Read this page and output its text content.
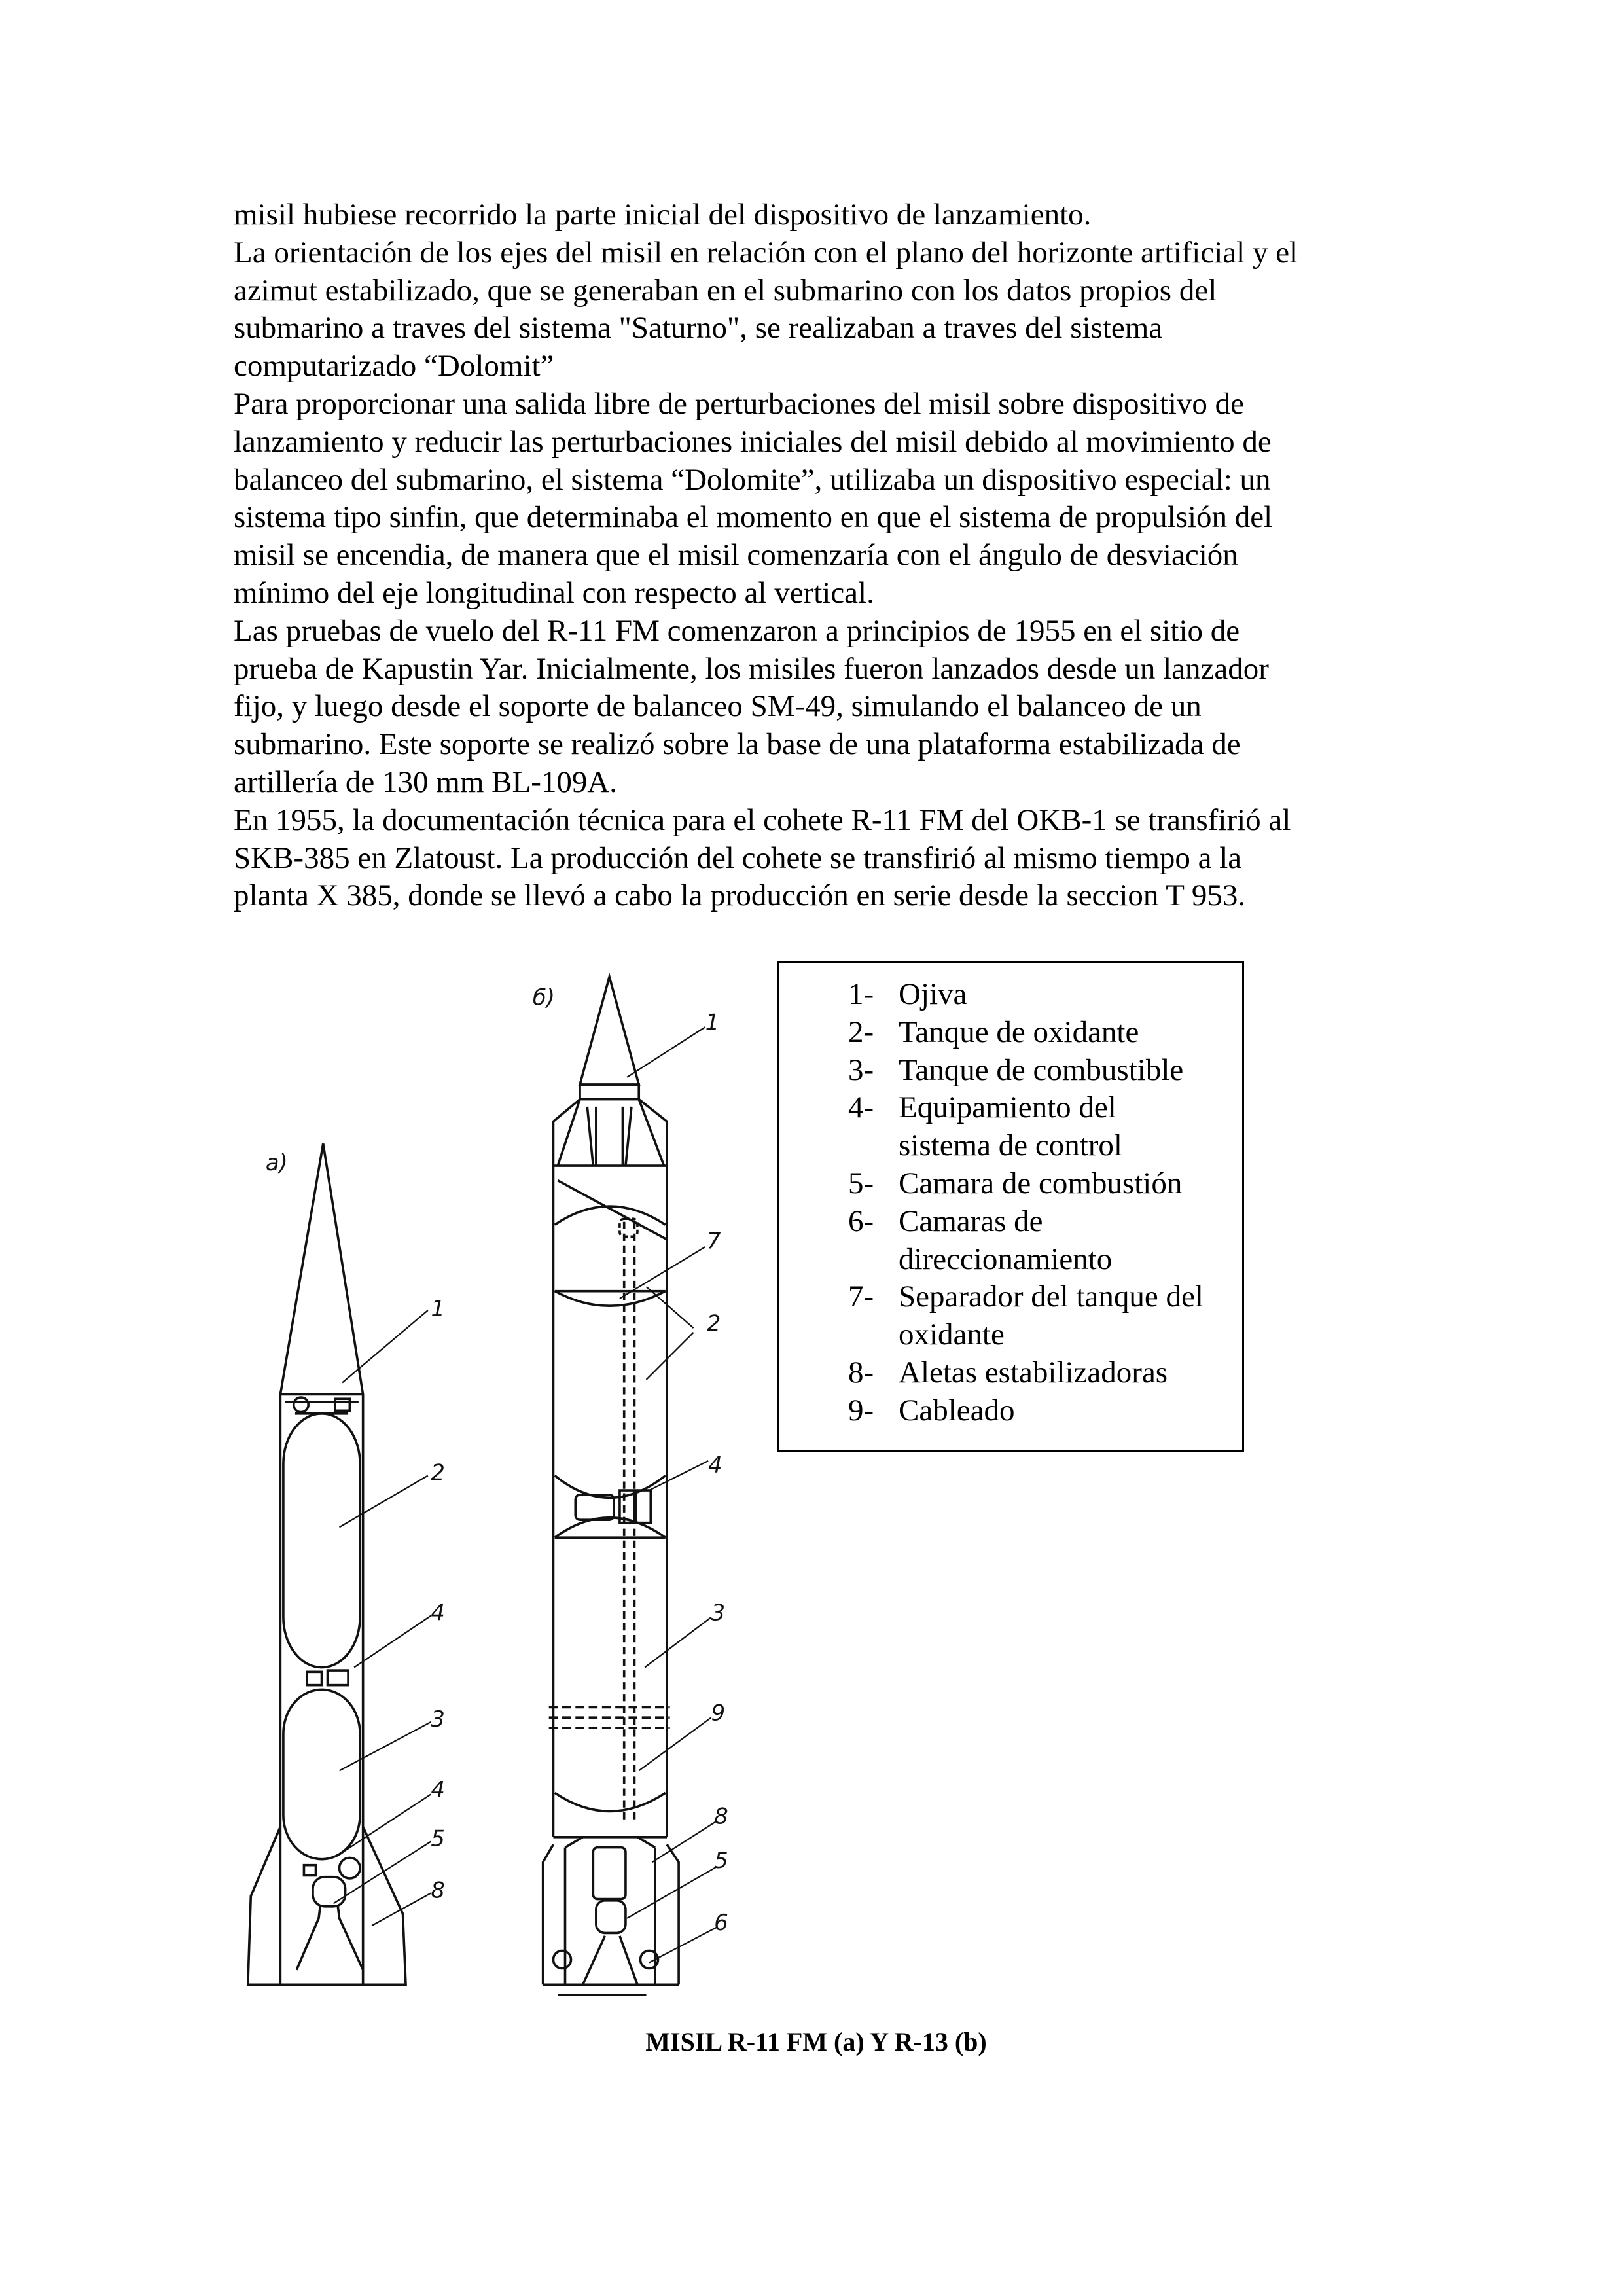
misil hubiese recorrido la parte inicial del dispositivo de lanzamiento.
La orientación de los ejes del misil en relación con el plano del horizonte artificial y el
azimut estabilizado, que se generaban en el submarino con los datos propios del
submarino a traves del sistema "Saturno", se realizaban a traves del sistema
computarizado “Dolomit”
Para proporcionar una salida libre de perturbaciones del misil sobre dispositivo de
lanzamiento y reducir las perturbaciones iniciales del misil debido al movimiento de
balanceo del submarino, el sistema “Dolomite”, utilizaba un dispositivo especial: un
sistema tipo sinfin, que determinaba el momento en que el sistema de propulsión del
misil se encendia, de manera que el misil comenzaría con el ángulo de desviación
mínimo del eje longitudinal con respecto al vertical.
Las pruebas de vuelo del R-11 FM comenzaron a principios de 1955 en el sitio de
prueba de Kapustin Yar. Inicialmente, los misiles fueron lanzados desde un lanzador
fijo, y luego desde el soporte de balanceo SM-49, simulando el balanceo de un
submarino. Este soporte se realizó sobre la base de una plataforma estabilizada de
artillería de 130 mm BL-109A.
En 1955, la documentación técnica para el cohete R-11 FM del OKB-1 se transfirió al
SKB-385 en Zlatoust. La producción del cohete se transfirió al mismo tiempo a la
planta X 385, donde se llevó a cabo la producción en serie desde la seccion T 953.
a)
б)
1
2
4
3
4
5
8
1
7
2
4
3
9
8
5
6
1- Ojiva
2- Tanque de oxidante
3- Tanque de combustible
4- Equipamiento del sistema de control
5- Camara de combustión
6- Camaras de direccionamiento
7- Separador del tanque del oxidante
8- Aletas estabilizadoras
9- Cableado
MISIL R-11 FM (a) Y R-13 (b)
